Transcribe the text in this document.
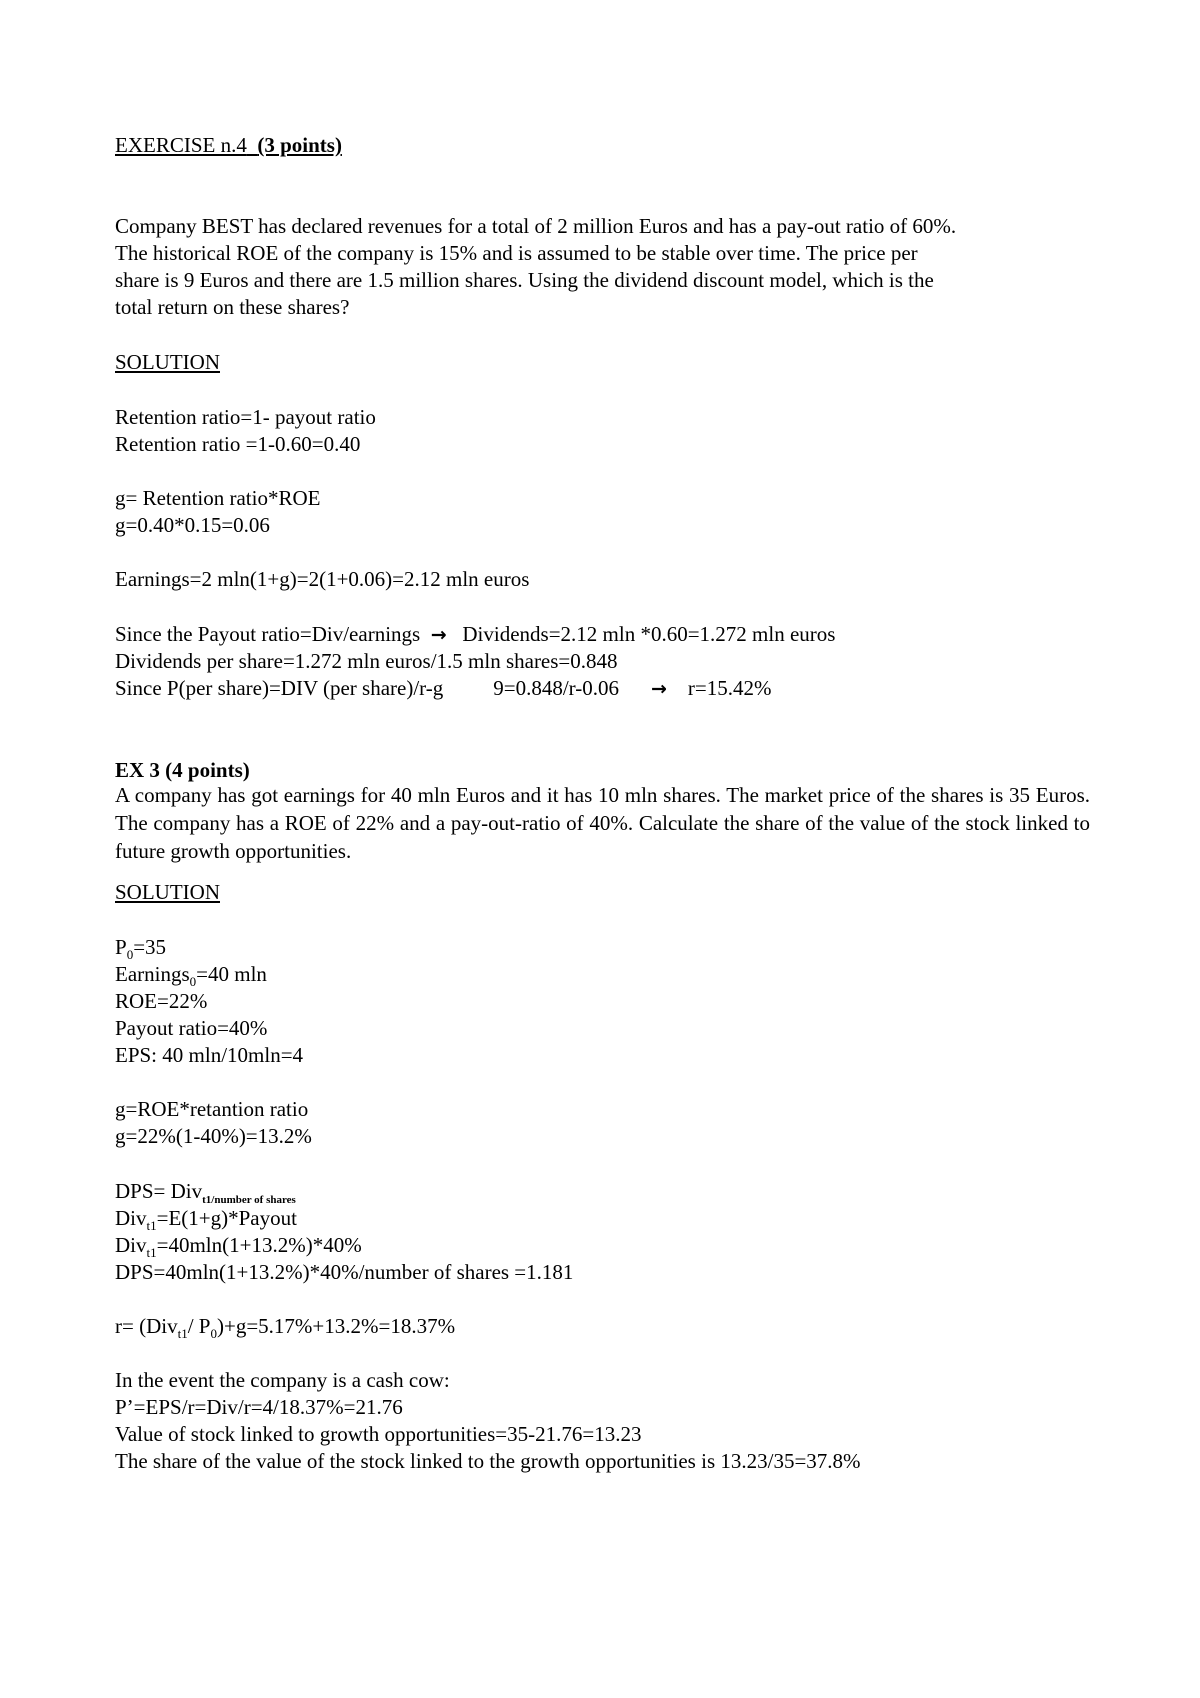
EXERCISE n.4 (3 points)
Company BEST has declared revenues for a total of 2 million Euros and has a pay-out ratio of 60%.
The historical ROE of the company is 15% and is assumed to be stable over time. The price per
share is 9 Euros and there are 1.5 million shares. Using the dividend discount model, which is the
total return on these shares?
SOLUTION
Retention ratio=1- payout ratio
Retention ratio =1-0.60=0.40
g= Retention ratio*ROE
g=0.40*0.15=0.06
Earnings=2 mln(1+g)=2(1+0.06)=2.12 mln euros
Since the Payout ratio=Div/earnings → Dividends=2.12 mln *0.60=1.272 mln euros
Dividends per share=1.272 mln euros/1.5 mln shares=0.848
Since P(per share)=DIV (per share)/r-g 9=0.848/r-0.06 → r=15.42%
EX 3 (4 points)

A company has got earnings for 40 mln Euros and it has 10 mln shares. The market price of the shares is 35 Euros. The company has a ROE of 22% and a pay-out-ratio of 40%. Calculate the share of the value of the stock linked to future growth opportunities.

SOLUTION
$P_0=35$
Earnings$_0$=40 mln
ROE=22%
Payout ratio=40%
EPS: 40 mln/10mln=4
g=ROE*retantion ratio
g=22%(1-40%)=13.2%
DPS= Div$_{t1/number of shares}$
Div$_{t1}$=E(1+g)*Payout
Div$_{t1}$=40mln(1+13.2%)*40%
DPS=40mln(1+13.2%)*40%/number of shares =1.181
r= (Div$_{t1}$/ $P_0)+g=5.17\%+13.2\%=18.37\%$
In the event the company is a cash cow:
P’=EPS/r=Div/r=4/18.37%=21.76
Value of stock linked to growth opportunities=35-21.76=13.23
The share of the value of the stock linked to the growth opportunities is 13.23/35=37.8%
